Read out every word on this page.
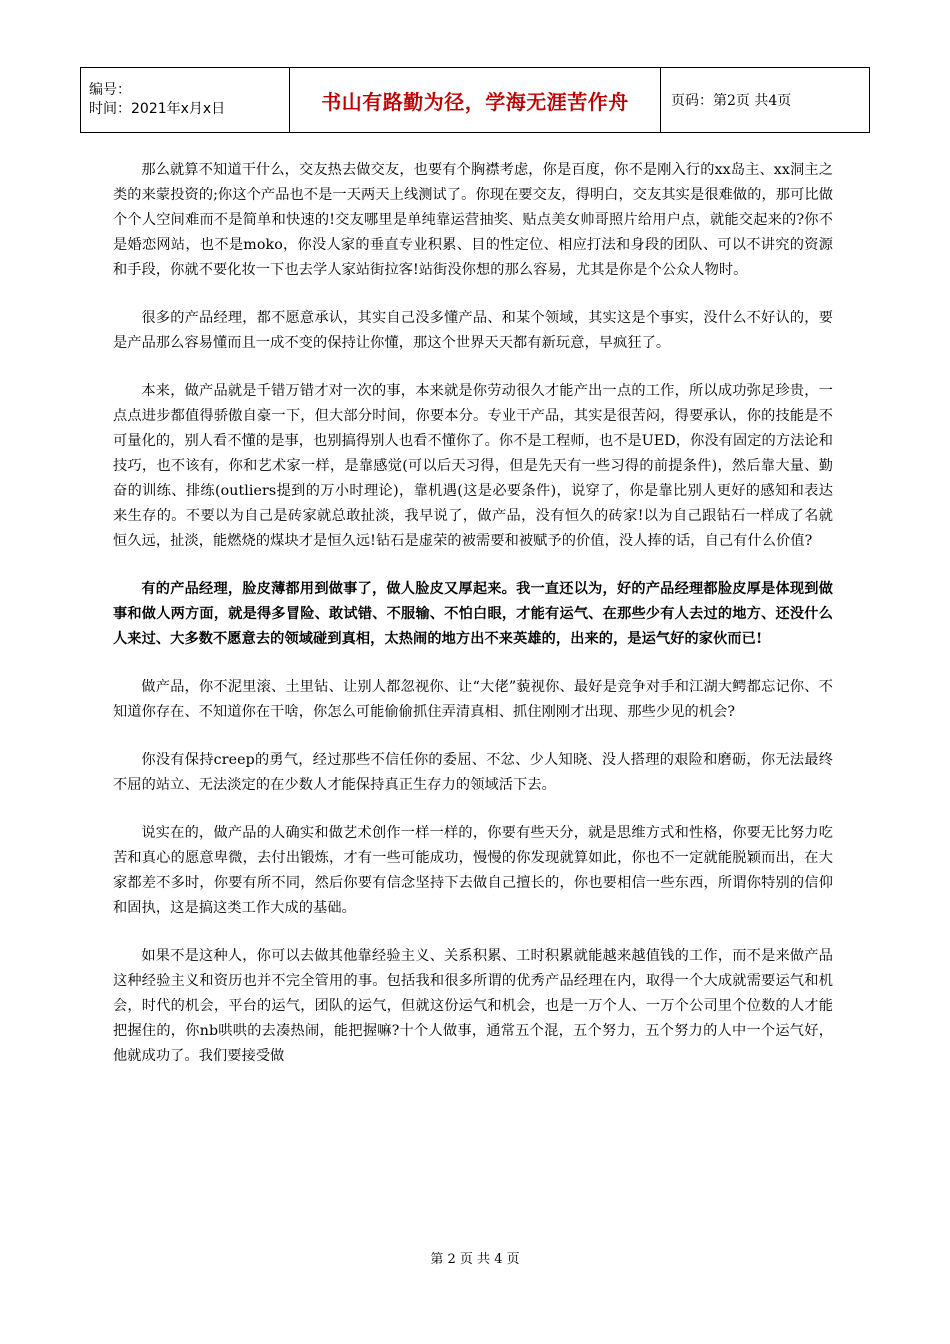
编号：
时间：2021年x月x日	书山有路勤为径，学海无涯苦作舟	页码：第2页 共4页

那么就算不知道干什么，交友热去做交友，也要有个胸襟考虑，你是百度，你不是刚入行的xx岛主、xx洞主之类的来蒙投资的;你这个产品也不是一天两天上线测试了。你现在要交友，得明白，交友其实是很难做的，那可比做个个人空间难而不是简单和快速的!交友哪里是单纯靠运营抽奖、贴点美女帅哥照片给用户点，就能交起来的?你不是婚恋网站，也不是moko，你没人家的垂直专业积累、目的性定位、相应打法和身段的团队、可以不讲究的资源和手段，你就不要化妆一下也去学人家站街拉客!站街没你想的那么容易，尤其是你是个公众人物时。

很多的产品经理，都不愿意承认，其实自己没多懂产品、和某个领域，其实这是个事实，没什么不好认的，要是产品那么容易懂而且一成不变的保持让你懂，那这个世界天天都有新玩意，早疯狂了。

本来，做产品就是千错万错才对一次的事，本来就是你劳动很久才能产出一点的工作，所以成功弥足珍贵，一点点进步都值得骄傲自豪一下，但大部分时间，你要本分。专业干产品，其实是很苦闷，得要承认，你的技能是不可量化的，别人看不懂的是事，也别搞得别人也看不懂你了。你不是工程师，也不是UED，你没有固定的方法论和技巧，也不该有，你和艺术家一样，是靠感觉(可以后天习得，但是先天有一些习得的前提条件)，然后靠大量、勤奋的训练、排练(outliers提到的万小时理论)，靠机遇(这是必要条件)，说穿了，你是靠比别人更好的感知和表达来生存的。不要以为自己是砖家就总敢扯淡，我早说了，做产品，没有恒久的砖家!以为自己跟钻石一样成了名就恒久远，扯淡，能燃烧的煤块才是恒久远!钻石是虚荣的被需要和被赋予的价值，没人捧的话，自己有什么价值?

有的产品经理，脸皮薄都用到做事了，做人脸皮又厚起来。我一直还以为，好的产品经理都脸皮厚是体现到做事和做人两方面，就是得多冒险、敢试错、不服输、不怕白眼，才能有运气、在那些少有人去过的地方、还没什么人来过、大多数不愿意去的领域碰到真相，太热闹的地方出不来英雄的，出来的，是运气好的家伙而已!

做产品，你不泥里滚、土里钻、让别人都忽视你、让“大佬”藐视你、最好是竞争对手和江湖大鳄都忘记你、不知道你存在、不知道你在干啥，你怎么可能偷偷抓住弄清真相、抓住刚刚才出现、那些少见的机会?

你没有保持creep的勇气，经过那些不信任你的委屈、不忿、少人知晓、没人搭理的艰险和磨砺，你无法最终不屈的站立、无法淡定的在少数人才能保持真正生存力的领域活下去。

说实在的，做产品的人确实和做艺术创作一样一样的，你要有些天分，就是思维方式和性格，你要无比努力吃苦和真心的愿意卑微，去付出锻炼，才有一些可能成功，慢慢的你发现就算如此，你也不一定就能脱颖而出，在大家都差不多时，你要有所不同，然后你要有信念坚持下去做自己擅长的，你也要相信一些东西，所谓你特别的信仰和固执，这是搞这类工作大成的基础。

如果不是这种人，你可以去做其他靠经验主义、关系积累、工时积累就能越来越值钱的工作，而不是来做产品这种经验主义和资历也并不完全管用的事。包括我和很多所谓的优秀产品经理在内，取得一个大成就需要运气和机会，时代的机会，平台的运气，团队的运气，但就这份运气和机会，也是一万个人、一万个公司里个位数的人才能把握住的，你nb哄哄的去凑热闹，能把握嘛?十个人做事，通常五个混，五个努力，五个努力的人中一个运气好，他就成功了。我们要接受做

第 2 页 共 4 页
